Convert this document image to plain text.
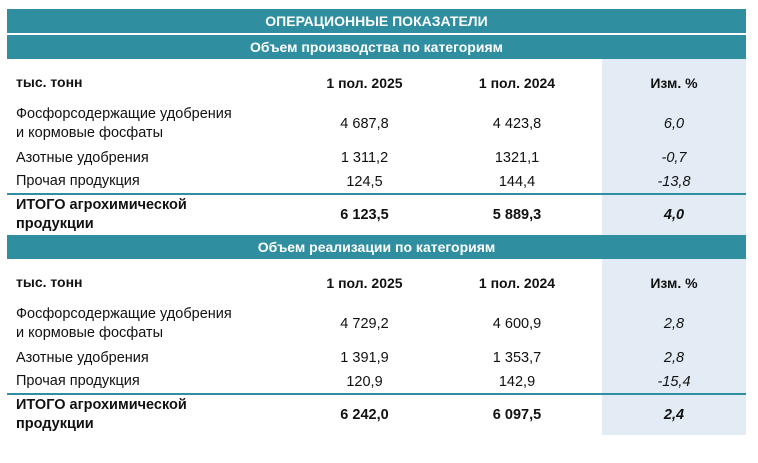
ОПЕРАЦИОННЫЕ ПОКАЗАТЕЛИ
Объем производства по категориям
тыс. тонн	1 пол. 2025	1 пол. 2024	Изм. %

Фосфорсодержащие удобрения
и кормовые фосфаты	4 687,8	4 423,8	6,0
Азотные удобрения	1 311,2	1321,1	-0,7
Прочая продукция	124,5	144,4	-13,8

ИТОГО агрохимической
продукции	6 123,5	5 889,3	4,0
Объем реализации по категориям
тыс. тонн	1 пол. 2025	1 пол. 2024	Изм. %

Фосфорсодержащие удобрения
и кормовые фосфаты	4 729,2	4 600,9	2,8
Азотные удобрения	1 391,9	1 353,7	2,8
Прочая продукция	120,9	142,9	-15,4

ИТОГО агрохимической
продукции	6 242,0	6 097,5	2,4
